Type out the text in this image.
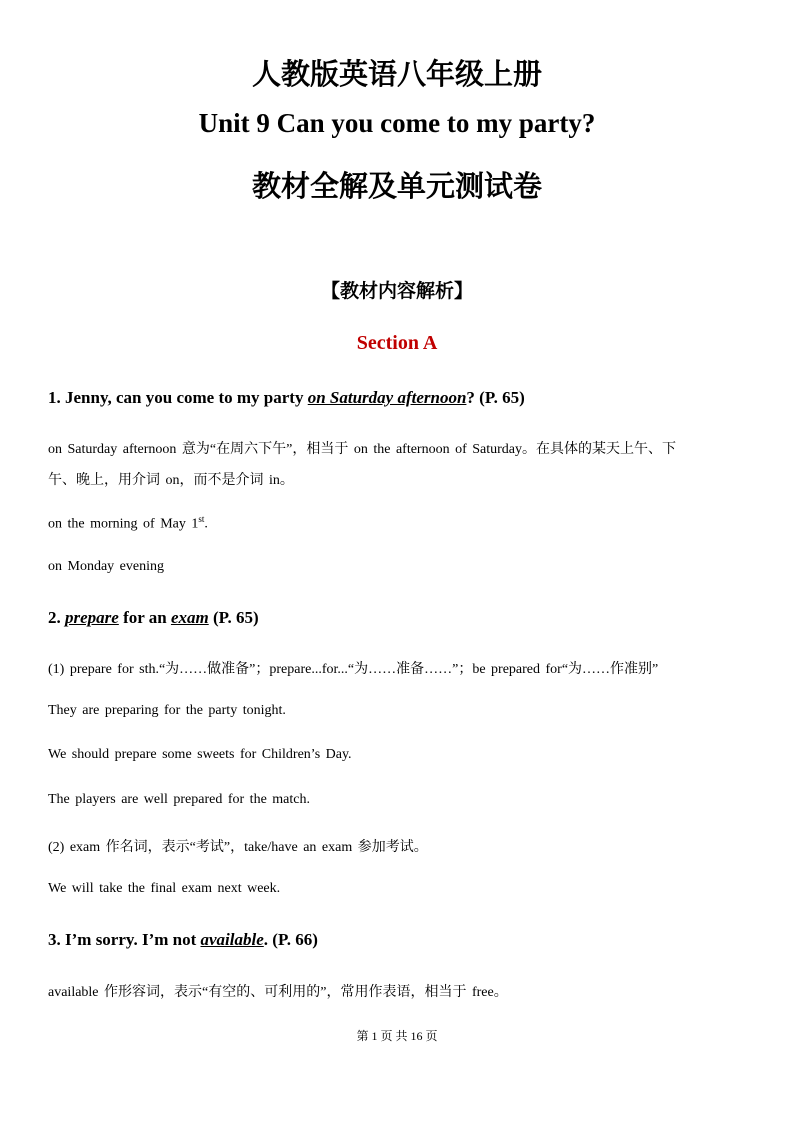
人教版英语八年级上册
Unit 9 Can you come to my party?
教材全解及单元测试卷
【教材内容解析】
Section A
1. Jenny, can you come to my party on Saturday afternoon? (P. 65)
on Saturday afternoon 意为“在周六下午”，相当于 on the afternoon of Saturday。在具体的某天上午、下
午、晚上，用介词 on，而不是介词 in。
on the morning of May 1st.
on Monday evening
2. prepare for an exam (P. 65)
(1) prepare for sth.“为……做准备”；prepare...for...“为……准备……”；be prepared for“为……作准别”
They are preparing for the party tonight.
We should prepare some sweets for Children’s Day.
The players are well prepared for the match.
(2) exam 作名词，表示“考试”，take/have an exam 参加考试。
We will take the final exam next week.
3. I’m sorry. I’m not available. (P. 66)
available 作形容词，表示“有空的、可利用的”，常用作表语，相当于 free。
第 1 页 共 16 页
